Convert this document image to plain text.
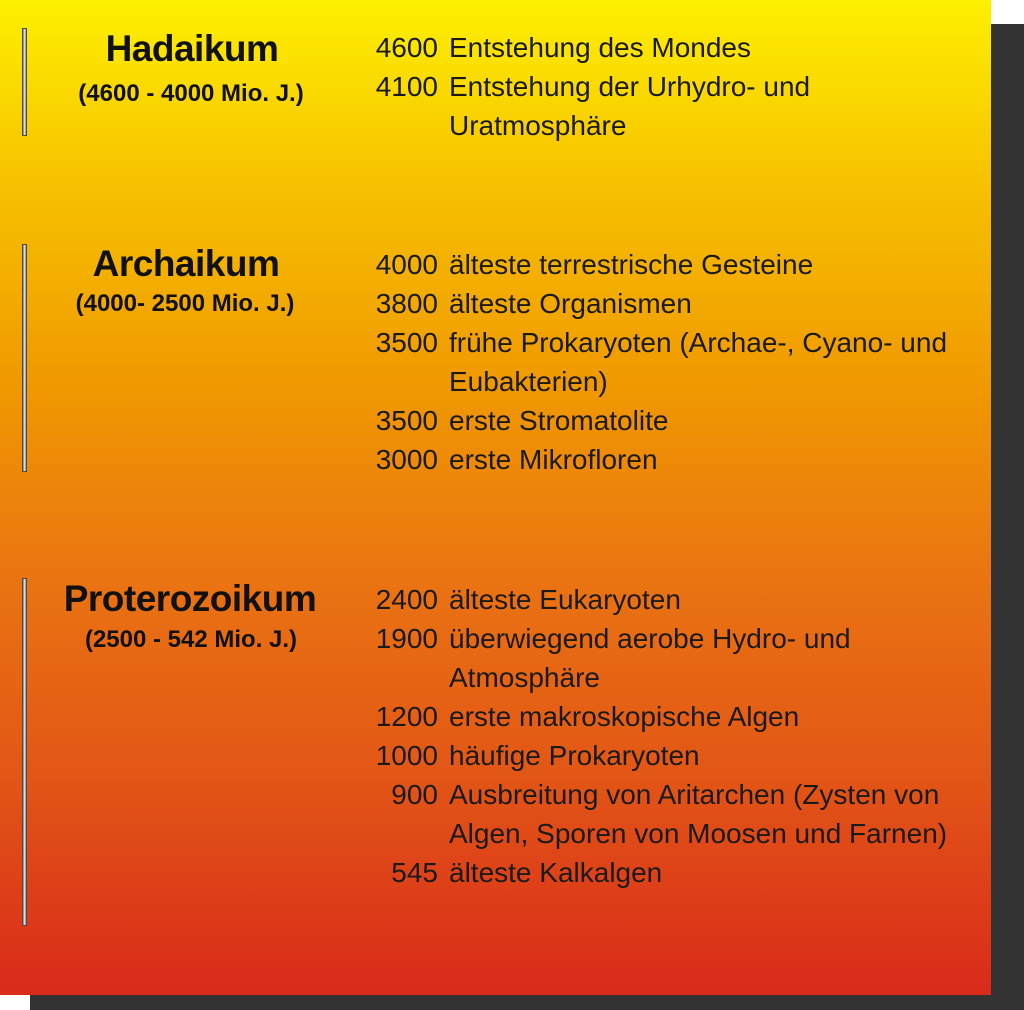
Hadaikum
(4600 - 4000 Mio. J.)
4600 Entstehung des Mondes
4100 Entstehung der Urhydro- und Uratmosphäre
Archaikum
(4000- 2500 Mio. J.)
4000 älteste terrestrische Gesteine
3800 älteste Organismen
3500 frühe Prokaryoten (Archae-, Cyano- und Eubakterien)
3500 erste Stromatolite
3000 erste Mikrofloren
Proterozoikum
(2500 - 542 Mio. J.)
2400 älteste Eukaryoten
1900 überwiegend aerobe Hydro- und Atmosphäre
1200 erste makroskopische Algen
1000 häufige Prokaryoten
900 Ausbreitung von Aritarchen (Zysten von Algen, Sporen von Moosen und Farnen)
545 älteste Kalkalgen
